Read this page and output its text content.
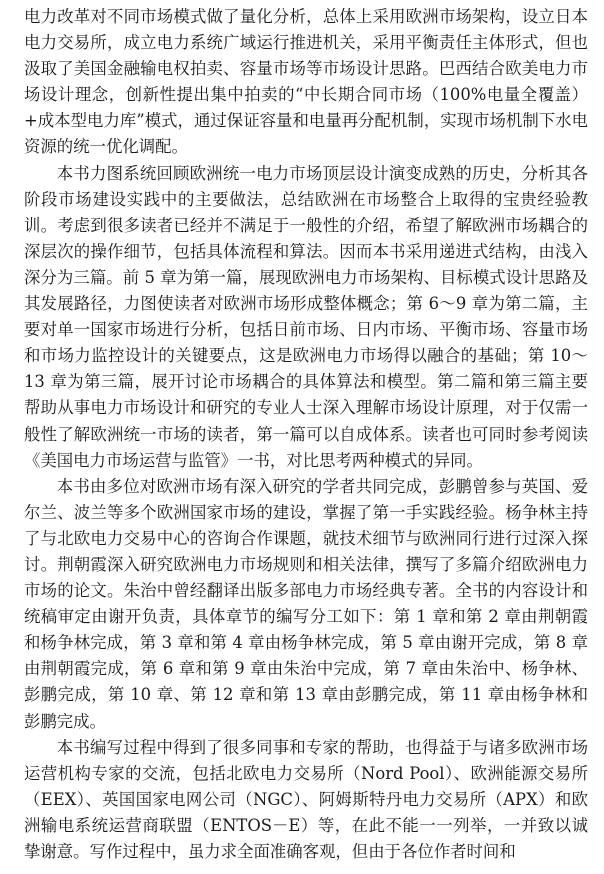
电力改革对不同市场模式做了量化分析，总体上采用欧洲市场架构，设立日本电力交易所，成立电力系统广域运行推进机关，采用平衡责任主体形式，但也汲取了美国金融输电权拍卖、容量市场等市场设计思路。巴西结合欧美电力市场设计理念，创新性提出集中拍卖的“中长期合同市场（100%电量全覆盖）+成本型电力库”模式，通过保证容量和电量再分配机制，实现市场机制下水电资源的统一优化调配。

本书力图系统回顾欧洲统一电力市场顶层设计演变成熟的历史，分析其各阶段市场建设实践中的主要做法，总结欧洲在市场整合上取得的宝贵经验教训。考虑到很多读者已经并不满足于一般性的介绍，希望了解欧洲市场耦合的深层次的操作细节，包括具体流程和算法。因而本书采用递进式结构，由浅入深分为三篇。前 5 章为第一篇，展现欧洲电力市场架构、目标模式设计思路及其发展路径，力图使读者对欧洲市场形成整体概念；第 6～9 章为第二篇，主要对单一国家市场进行分析，包括日前市场、日内市场、平衡市场、容量市场和市场力监控设计的关键要点，这是欧洲电力市场得以融合的基础；第 10～13 章为第三篇，展开讨论市场耦合的具体算法和模型。第二篇和第三篇主要帮助从事电力市场设计和研究的专业人士深入理解市场设计原理，对于仅需一般性了解欧洲统一市场的读者，第一篇可以自成体系。读者也可同时参考阅读《美国电力市场运营与监管》一书，对比思考两种模式的异同。

本书由多位对欧洲市场有深入研究的学者共同完成，彭鹏曾参与英国、爱尔兰、波兰等多个欧洲国家市场的建设，掌握了第一手实践经验。杨争林主持了与北欧电力交易中心的咨询合作课题，就技术细节与欧洲同行进行过深入探讨。荆朝霞深入研究欧洲电力市场规则和相关法律，撰写了多篇介绍欧洲电力市场的论文。朱治中曾经翻译出版多部电力市场经典专著。全书的内容设计和统稿审定由谢开负责，具体章节的编写分工如下：第 1 章和第 2 章由荆朝霞和杨争林完成，第 3 章和第 4 章由杨争林完成，第 5 章由谢开完成，第 8 章由荆朝霞完成，第 6 章和第 9 章由朱治中完成，第 7 章由朱治中、杨争林、彭鹏完成，第 10 章、第 12 章和第 13 章由彭鹏完成，第 11 章由杨争林和彭鹏完成。

本书编写过程中得到了很多同事和专家的帮助，也得益于与诸多欧洲市场运营机构专家的交流，包括北欧电力交易所（Nord Pool）、欧洲能源交易所（EEX）、英国国家电网公司（NGC）、阿姆斯特丹电力交易所（APX）和欧洲输电系统运营商联盟（ENTOS－E）等，在此不能一一列举，一并致以诚挚谢意。写作过程中，虽力求全面准确客观，但由于各位作者时间和
